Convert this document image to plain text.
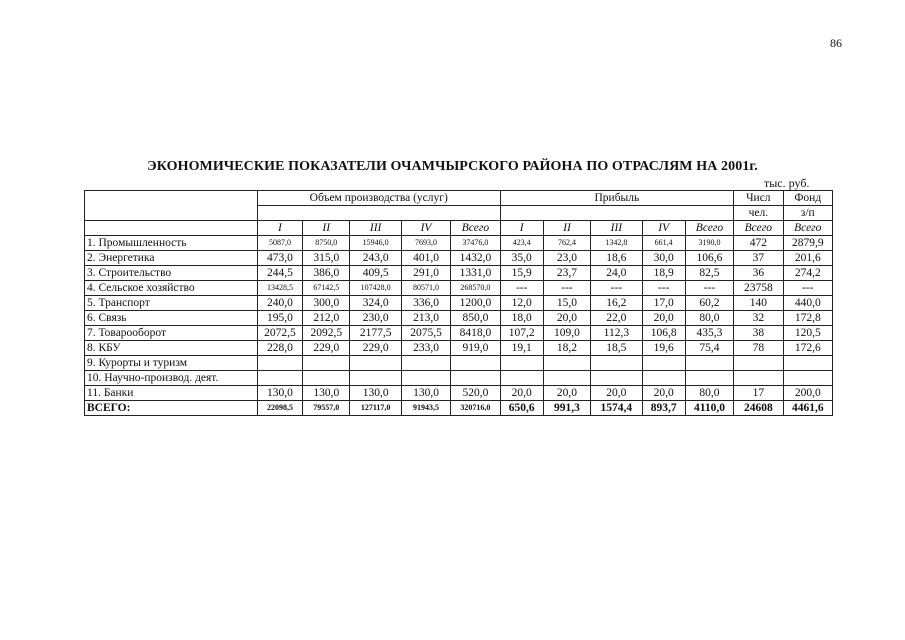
86
ЭКОНОМИЧЕСКИЕ ПОКАЗАТЕЛИ ОЧАМЧЫРСКОГО РАЙОНА ПО ОТРАСЛЯМ НА 2001г.
тыс. руб.
	Объем производства (услуг)					Прибыль					Числ	Фонд
											чел.	з/п
	I	II	III	IV	Всего	I	II	III	IV	Всего	Всего	Всего
1. Промышленность	5087,0	8750,0	15946,0	7693,0	37476,0	423,4	762,4	1342,8	661,4	3190,0	472	2879,9
2. Энергетика	473,0	315,0	243,0	401,0	1432,0	35,0	23,0	18,6	30,0	106,6	37	201,6
3. Строительство	244,5	386,0	409,5	291,0	1331,0	15,9	23,7	24,0	18,9	82,5	36	274,2
4. Сельское хозяйство	13428,5	67142,5	107428,0	80571,0	268570,0	---	---	---	---	---	23758	---
5. Транспорт	240,0	300,0	324,0	336,0	1200,0	12,0	15,0	16,2	17,0	60,2	140	440,0
6. Связь	195,0	212,0	230,0	213,0	850,0	18,0	20,0	22,0	20,0	80,0	32	172,8
7. Товарооборот	2072,5	2092,5	2177,5	2075,5	8418,0	107,2	109,0	112,3	106,8	435,3	38	120,5
8. КБУ	228,0	229,0	229,0	233,0	919,0	19,1	18,2	18,5	19,6	75,4	78	172,6
9. Курорты и туризм												
10. Научно-производ. деят.												
11. Банки	130,0	130,0	130,0	130,0	520,0	20,0	20,0	20,0	20,0	80,0	17	200,0
ВСЕГО:	22098,5	79557,0	127117,0	91943,5	320716,0	650,6	991,3	1574,4	893,7	4110,0	24608	4461,6
